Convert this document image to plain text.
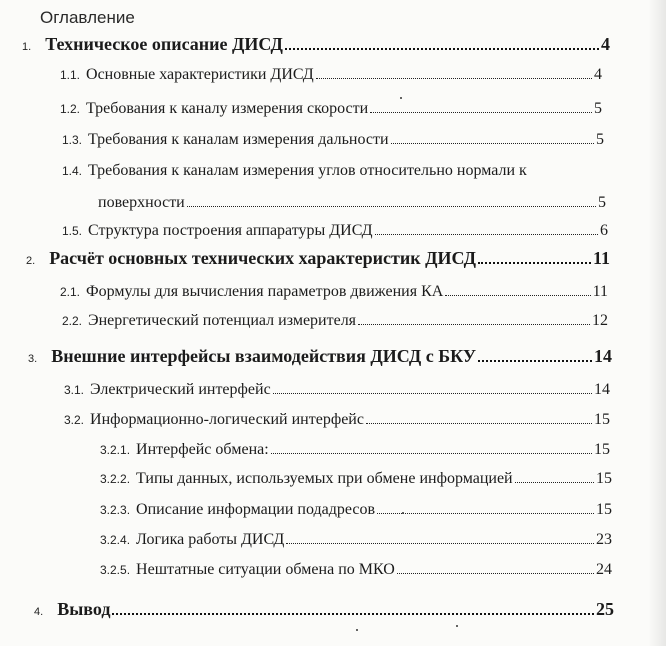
Оглавление
1. Техническое описание ДИСД	4
1.1. Основные характеристики ДИСД	4
1.2. Требования к каналу измерения скорости	5
1.3. Требования к каналам измерения дальности	5
1.4. Требования к каналам измерения углов относительно нормали к
поверхности	5
1.5. Структура построения аппаратуры ДИСД	6
2. Расчёт основных технических характеристик ДИСД	11
2.1. Формулы для вычисления параметров движения КА	11
2.2. Энергетический потенциал измерителя	12
3. Внешние интерфейсы взаимодействия ДИСД с БКУ	14
3.1. Электрический интерфейс	14
3.2. Информационно-логический интерфейс	15
3.2.1. Интерфейс обмена:	15
3.2.2. Типы данных, используемых при обмене информацией	15
3.2.3. Описание информации подадресов	15
3.2.4. Логика работы ДИСД	23
3.2.5. Нештатные ситуации обмена по МКО	24
4. Вывод	25
